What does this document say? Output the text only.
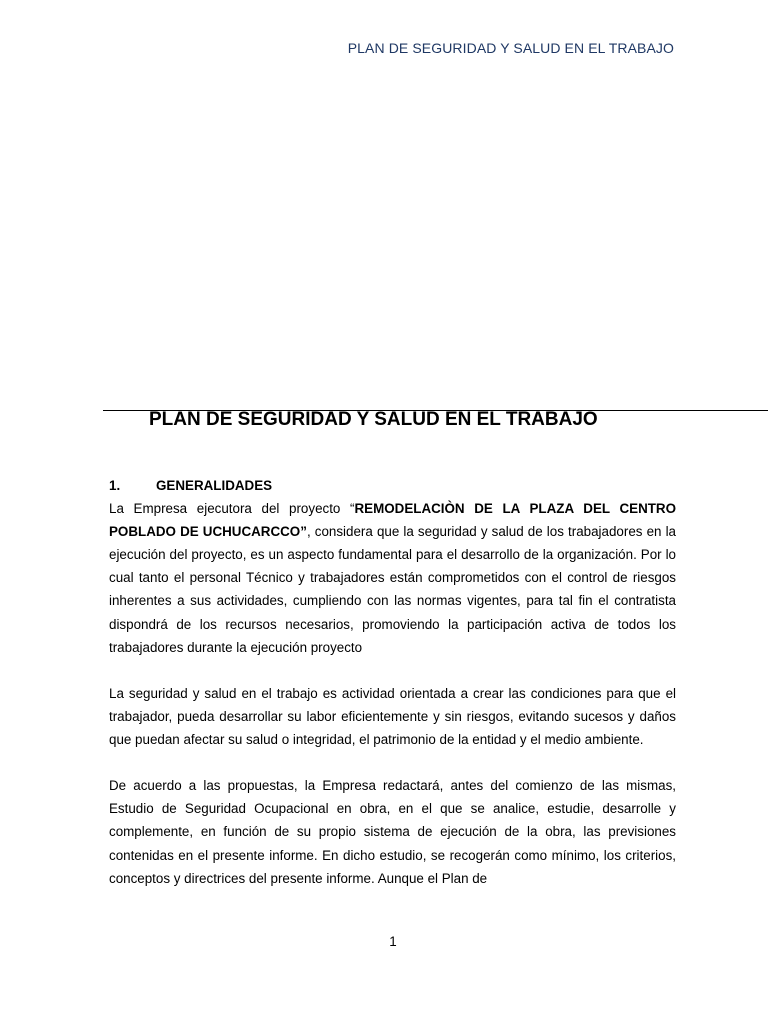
PLAN DE SEGURIDAD Y SALUD EN EL TRABAJO
PLAN DE SEGURIDAD Y SALUD EN EL TRABAJO

1.	GENERALIDADES

La Empresa ejecutora del proyecto “REMODELACIÒN DE LA PLAZA DEL CENTRO POBLADO DE UCHUCARCCO”, considera que la seguridad y salud de los trabajadores en la ejecución del proyecto, es un aspecto fundamental para el desarrollo de la organización. Por lo cual tanto el personal Técnico y trabajadores están comprometidos con el control de riesgos inherentes a sus actividades, cumpliendo con las normas vigentes, para tal fin el contratista dispondrá de los recursos necesarios, promoviendo la participación activa de todos los trabajadores durante la ejecución proyecto

La seguridad y salud en el trabajo es actividad orientada a crear las condiciones para que el trabajador, pueda desarrollar su labor eficientemente y sin riesgos, evitando sucesos y daños que puedan afectar su salud o integridad, el patrimonio de la entidad y el medio ambiente.

De acuerdo a las propuestas, la Empresa redactará, antes del comienzo de las mismas, Estudio de Seguridad Ocupacional en obra, en el que se analice, estudie, desarrolle y complemente, en función de su propio sistema de ejecución de la obra, las previsiones contenidas en el presente informe. En dicho estudio, se recogerán como mínimo, los criterios, conceptos y directrices del presente informe. Aunque el Plan de

1
